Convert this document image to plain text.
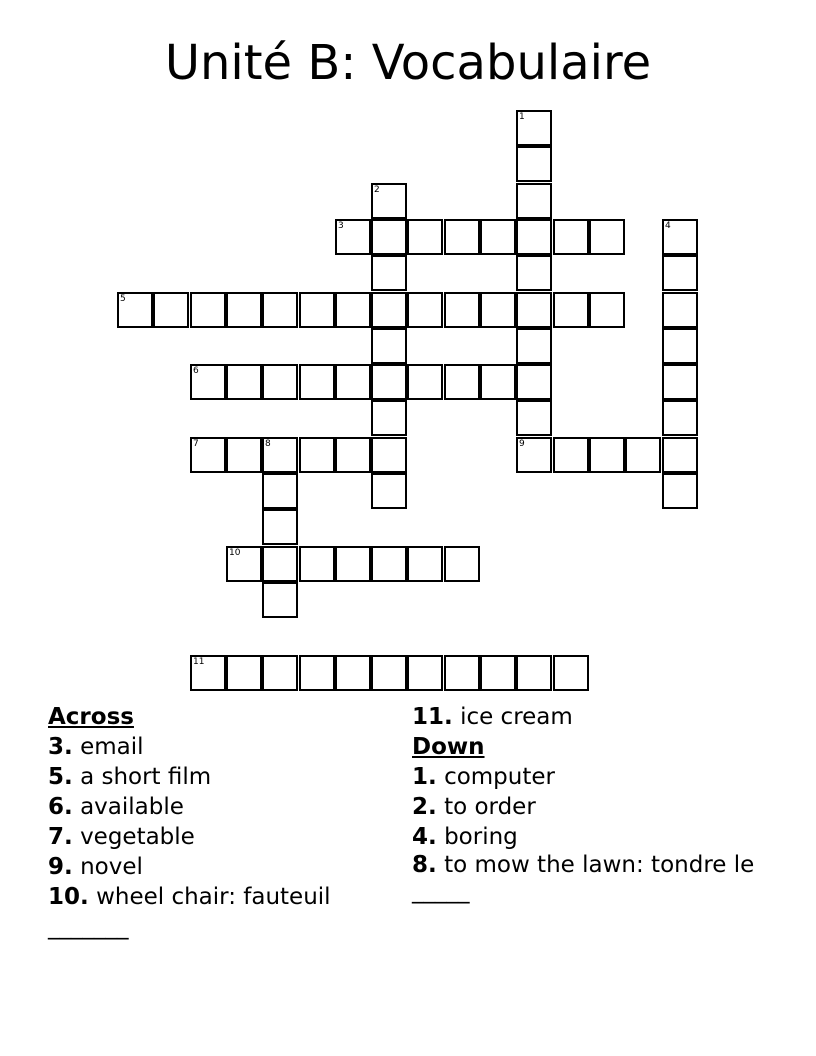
Unité B: Vocabulaire
1
2
3	4
5
6
7	8	9
10
11
Across
3. email
5. a short film
6. available
7. vegetable
9. novel
10. wheel chair: fauteuil _______
11. ice cream
Down
1. computer
2. to order
4. boring
8. to mow the lawn: tondre le _____
